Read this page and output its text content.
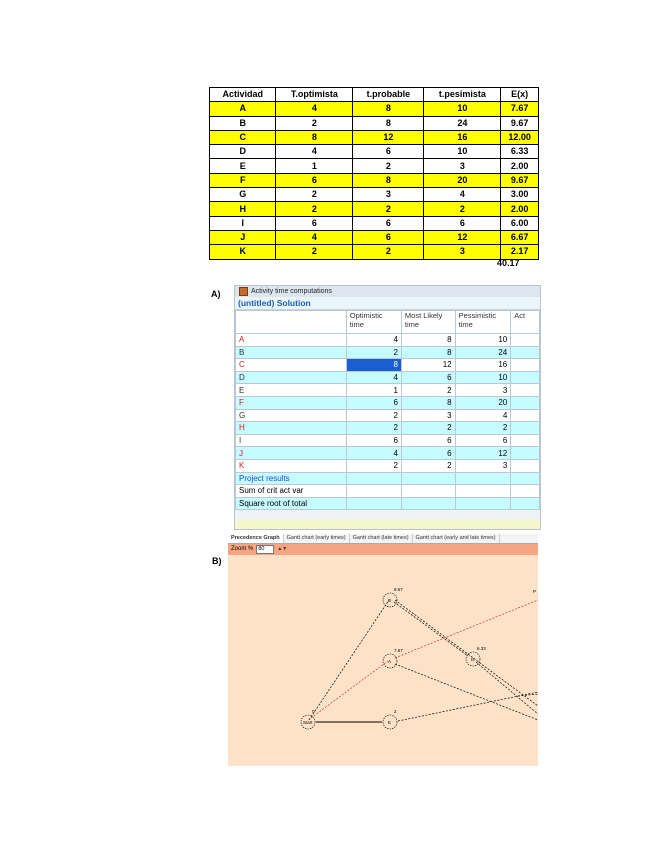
Actividad	T.optimista	t.probable	t.pesimista	E(x)
A	4	8	10	7.67
B	2	8	24	9.67
C	8	12	16	12.00
D	4	6	10	6.33
E	1	2	3	2.00
F	6	8	20	9.67
G	2	3	4	3.00
H	2	2	2	2.00
I	6	6	6	6.00
J	4	6	12	6.67
K	2	2	3	2.17
40.17
A)
B)
Activity time computations
(untitled) Solution
	Optimistic time	Most Likely time	Pessimistic time	Act
A	4	8	10	
B	2	8	24	
C	8	12	16	
D	4	6	10	
E	1	2	3	
F	6	8	20	
G	2	3	4	
H	2	2	2	
I	6	6	6	
J	4	6	12	
K	2	2	3	
Project results				
Sum of crit act var				
Square root of total				
Precedence Graph	Gantt chart (early times)	Gantt chart (late times)	Gantt chart (early and late times)
Zoom % 80	▲▼
9.67
B
7.67
A
6.33
D
0
Start
2
E
P
